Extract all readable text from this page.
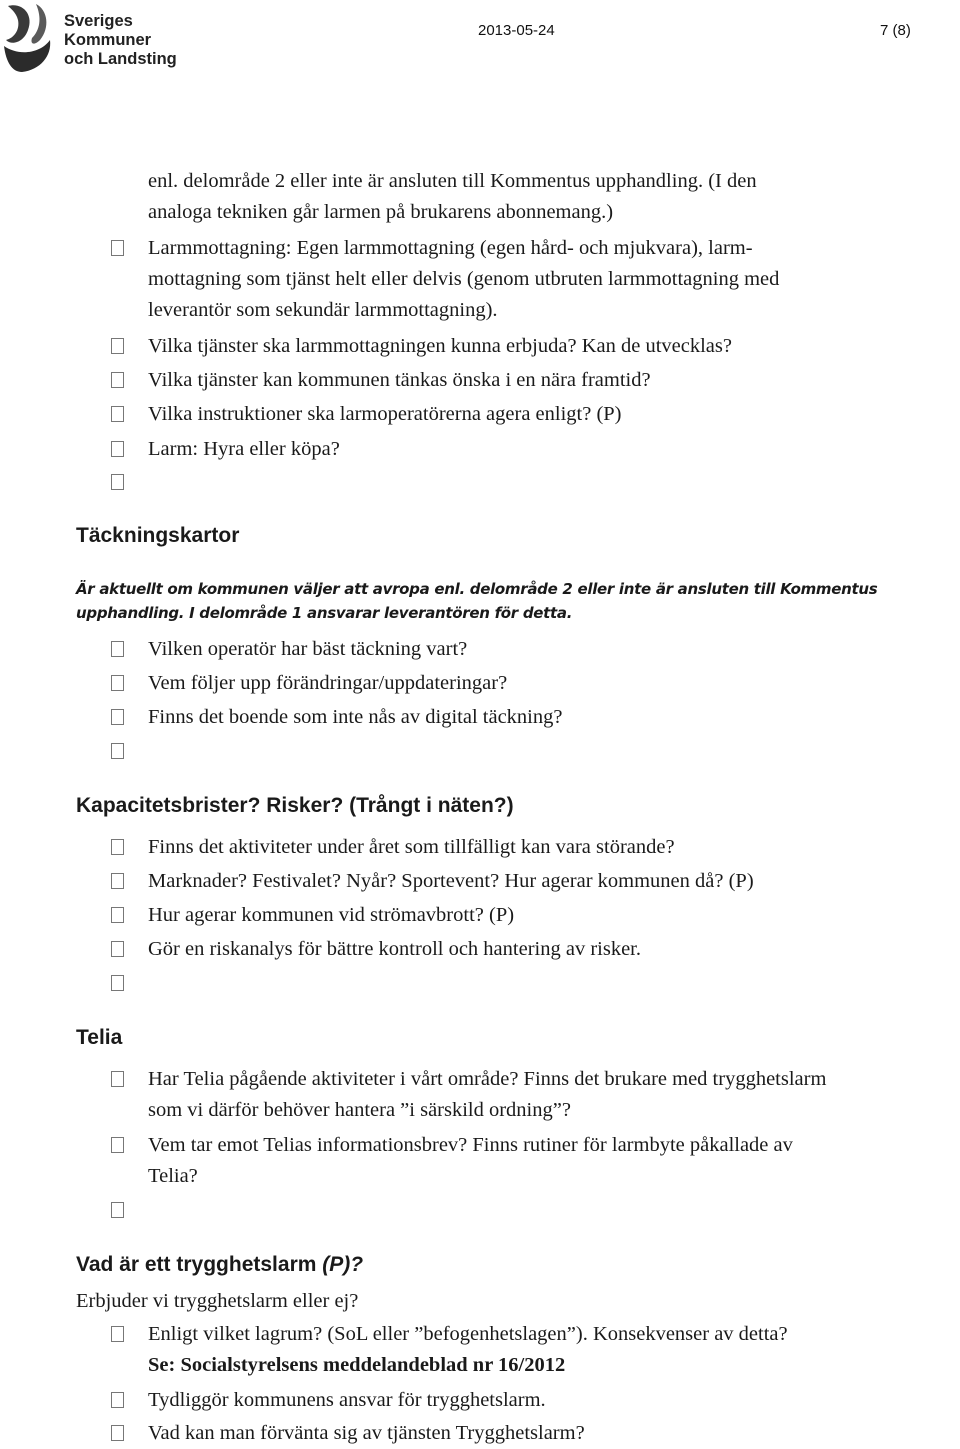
Sveriges
Kommuner
och Landsting
2013-05-24	7 (8)
enl. delområde 2 eller inte är ansluten till Kommentus upphandling. (I den
analoga tekniken går larmen på brukarens abonnemang.)
Larmmottagning: Egen larmmottagning (egen hård- och mjukvara), larm-
mottagning som tjänst helt eller delvis (genom utbruten larmmottagning med
leverantör som sekundär larmmottagning).
Vilka tjänster ska larmmottagningen kunna erbjuda? Kan de utvecklas?
Vilka tjänster kan kommunen tänkas önska i en nära framtid?
Vilka instruktioner ska larmoperatörerna agera enligt? (P)
Larm: Hyra eller köpa?
Täckningskartor
Är aktuellt om kommunen väljer att avropa enl. delområde 2 eller inte är ansluten till Kommentus
upphandling. I delområde 1 ansvarar leverantören för detta.
Vilken operatör har bäst täckning vart?
Vem följer upp förändringar/uppdateringar?
Finns det boende som inte nås av digital täckning?
Kapacitetsbrister? Risker? (Trångt i näten?)
Finns det aktiviteter under året som tillfälligt kan vara störande?
Marknader? Festivalet? Nyår? Sportevent? Hur agerar kommunen då? (P)
Hur agerar kommunen vid strömavbrott? (P)
Gör en riskanalys för bättre kontroll och hantering av risker.
Telia
Har Telia pågående aktiviteter i vårt område? Finns det brukare med trygghetslarm
som vi därför behöver hantera ”i särskild ordning”?
Vem tar emot Telias informationsbrev? Finns rutiner för larmbyte påkallade av
Telia?
Vad är ett trygghetslarm (P)?
Erbjuder vi trygghetslarm eller ej?
Enligt vilket lagrum? (SoL eller ”befogenhetslagen”). Konsekvenser av detta?
Se: Socialstyrelsens meddelandeblad nr 16/2012
Tydliggör kommunens ansvar för trygghetslarm.
Vad kan man förvänta sig av tjänsten Trygghetslarm?
